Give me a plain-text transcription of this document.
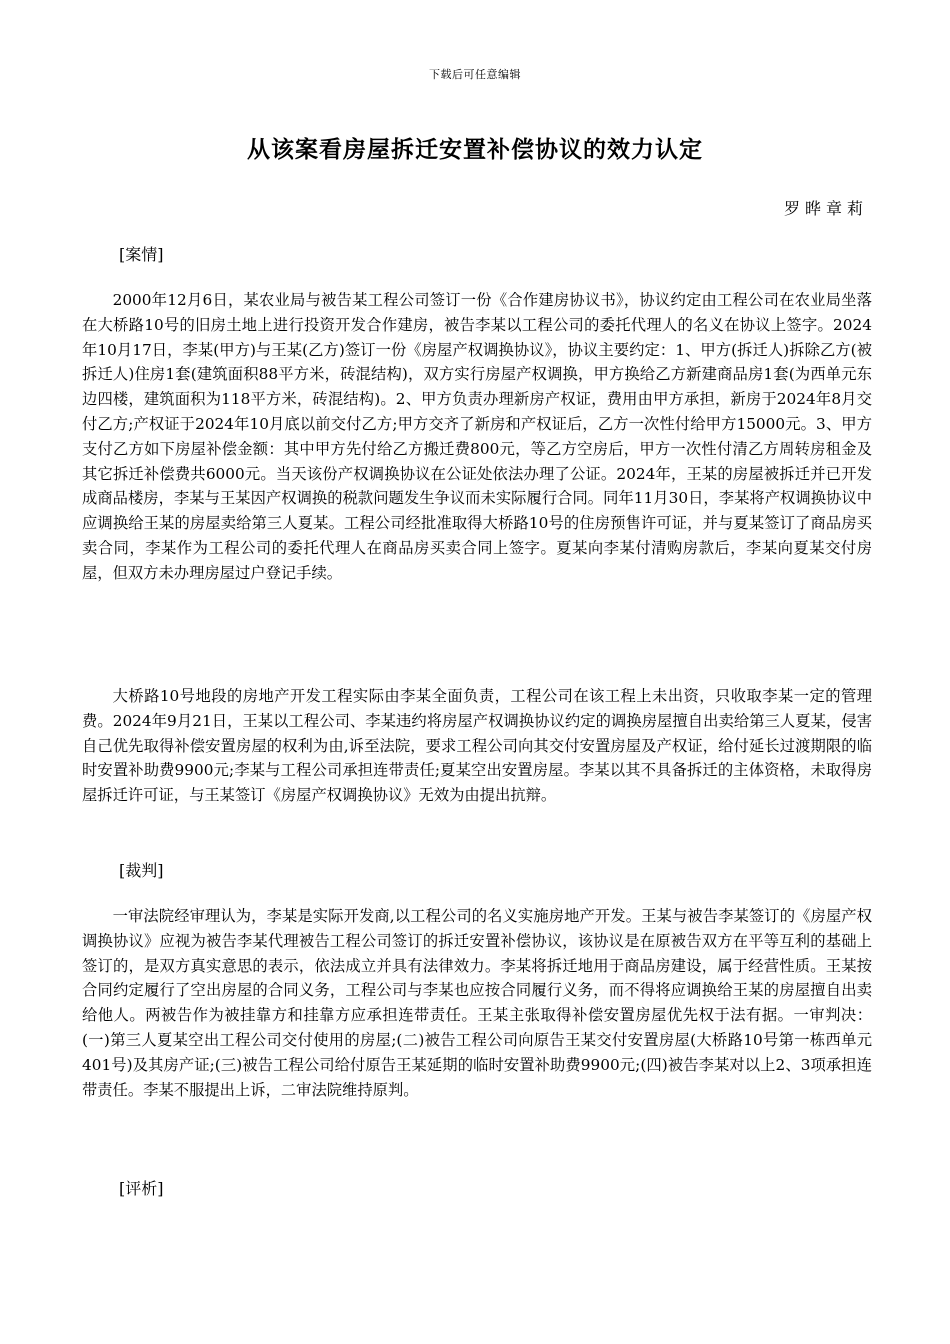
下载后可任意编辑
从该案看房屋拆迁安置补偿协议的效力认定
罗晔章莉
[案情]

2000年12月6日，某农业局与被告某工程公司签订一份《合作建房协议书》，协议约定由工程公司在农业局坐落在大桥路10号的旧房土地上进行投资开发合作建房，被告李某以工程公司的委托代理人的名义在协议上签字。2024年10月17日，李某(甲方)与王某(乙方)签订一份《房屋产权调换协议》，协议主要约定：1、甲方(拆迁人)拆除乙方(被拆迁人)住房1套(建筑面积88平方米，砖混结构)，双方实行房屋产权调换，甲方换给乙方新建商品房1套(为西单元东边四楼，建筑面积为118平方米，砖混结构)。2、甲方负责办理新房产权证，费用由甲方承担，新房于2024年8月交付乙方;产权证于2024年10月底以前交付乙方;甲方交齐了新房和产权证后，乙方一次性付给甲方15000元。3、甲方支付乙方如下房屋补偿金额：其中甲方先付给乙方搬迁费800元，等乙方空房后，甲方一次性付清乙方周转房租金及其它拆迁补偿费共6000元。当天该份产权调换协议在公证处依法办理了公证。2024年，王某的房屋被拆迁并已开发成商品楼房，李某与王某因产权调换的税款问题发生争议而未实际履行合同。同年11月30日，李某将产权调换协议中应调换给王某的房屋卖给第三人夏某。工程公司经批准取得大桥路10号的住房预售许可证，并与夏某签订了商品房买卖合同，李某作为工程公司的委托代理人在商品房买卖合同上签字。夏某向李某付清购房款后，李某向夏某交付房屋，但双方未办理房屋过户登记手续。

大桥路10号地段的房地产开发工程实际由李某全面负责，工程公司在该工程上未出资，只收取李某一定的管理费。2024年9月21日，王某以工程公司、李某违约将房屋产权调换协议约定的调换房屋擅自出卖给第三人夏某，侵害自己优先取得补偿安置房屋的权利为由,诉至法院，要求工程公司向其交付安置房屋及产权证，给付延长过渡期限的临时安置补助费9900元;李某与工程公司承担连带责任;夏某空出安置房屋。李某以其不具备拆迁的主体资格，未取得房屋拆迁许可证，与王某签订《房屋产权调换协议》无效为由提出抗辩。

[裁判]

一审法院经审理认为，李某是实际开发商,以工程公司的名义实施房地产开发。王某与被告李某签订的《房屋产权调换协议》应视为被告李某代理被告工程公司签订的拆迁安置补偿协议，该协议是在原被告双方在平等互利的基础上签订的，是双方真实意思的表示，依法成立并具有法律效力。李某将拆迁地用于商品房建设，属于经营性质。王某按合同约定履行了空出房屋的合同义务，工程公司与李某也应按合同履行义务，而不得将应调换给王某的房屋擅自出卖给他人。两被告作为被挂靠方和挂靠方应承担连带责任。王某主张取得补偿安置房屋优先权于法有据。一审判决：(一)第三人夏某空出工程公司交付使用的房屋;(二)被告工程公司向原告王某交付安置房屋(大桥路10号第一栋西单元401号)及其房产证;(三)被告工程公司给付原告王某延期的临时安置补助费9900元;(四)被告李某对以上2、3项承担连带责任。李某不服提出上诉，二审法院维持原判。

[评析]
